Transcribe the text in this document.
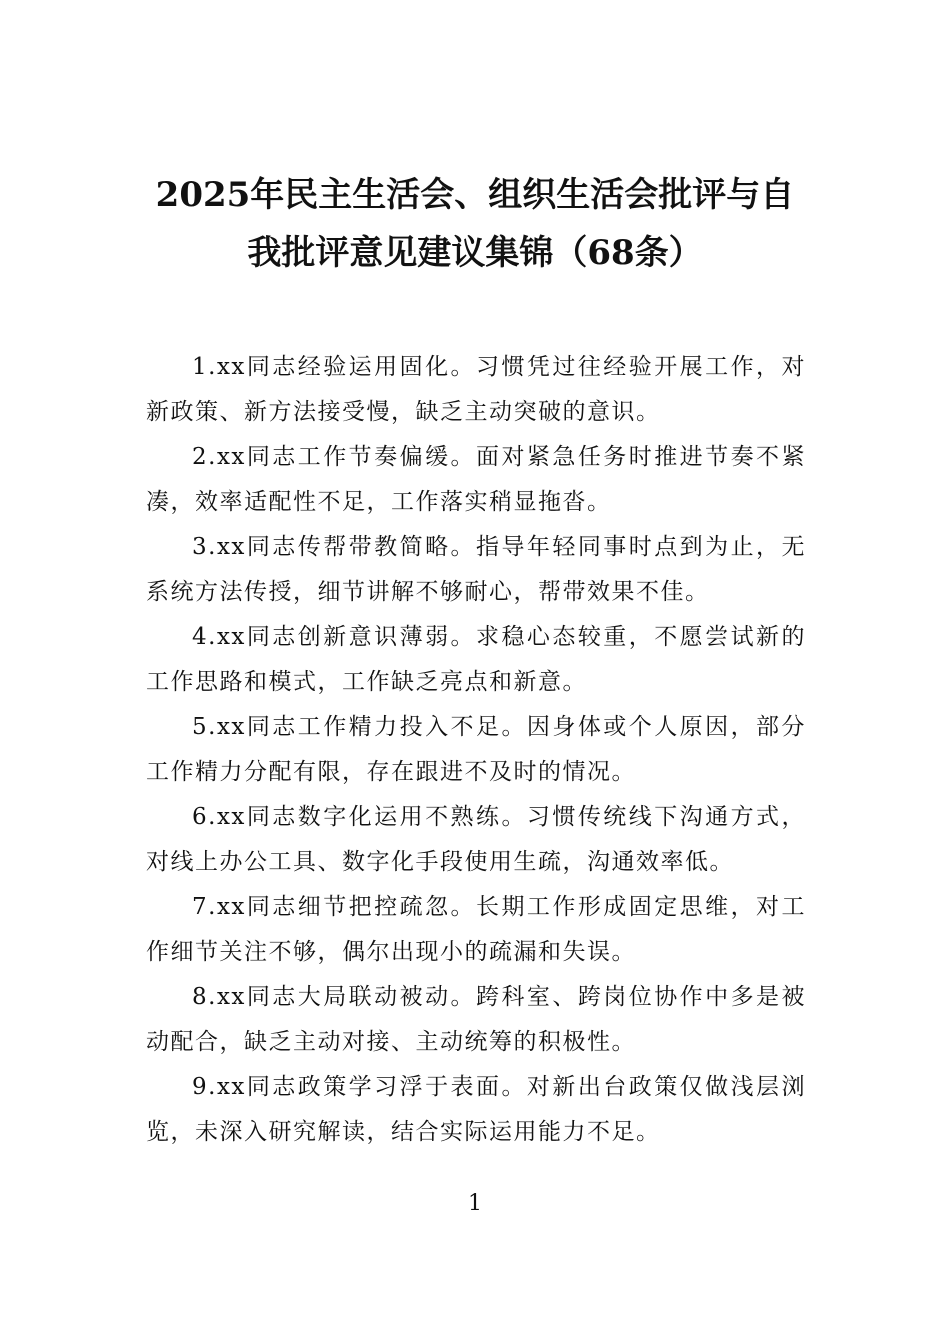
2025年民主生活会、组织生活会批评与自
我批评意见建议集锦（68条）

1.xx同志经验运用固化。习惯凭过往经验开展工作，对新政策、新方法接受慢，缺乏主动突破的意识。

2.xx同志工作节奏偏缓。面对紧急任务时推进节奏不紧凑，效率适配性不足，工作落实稍显拖沓。

3.xx同志传帮带教简略。指导年轻同事时点到为止，无系统方法传授，细节讲解不够耐心，帮带效果不佳。

4.xx同志创新意识薄弱。求稳心态较重，不愿尝试新的工作思路和模式，工作缺乏亮点和新意。

5.xx同志工作精力投入不足。因身体或个人原因，部分工作精力分配有限，存在跟进不及时的情况。

6.xx同志数字化运用不熟练。习惯传统线下沟通方式，对线上办公工具、数字化手段使用生疏，沟通效率低。

7.xx同志细节把控疏忽。长期工作形成固定思维，对工作细节关注不够，偶尔出现小的疏漏和失误。

8.xx同志大局联动被动。跨科室、跨岗位协作中多是被动配合，缺乏主动对接、主动统筹的积极性。

9.xx同志政策学习浮于表面。对新出台政策仅做浅层浏览，未深入研究解读，结合实际运用能力不足。

1
